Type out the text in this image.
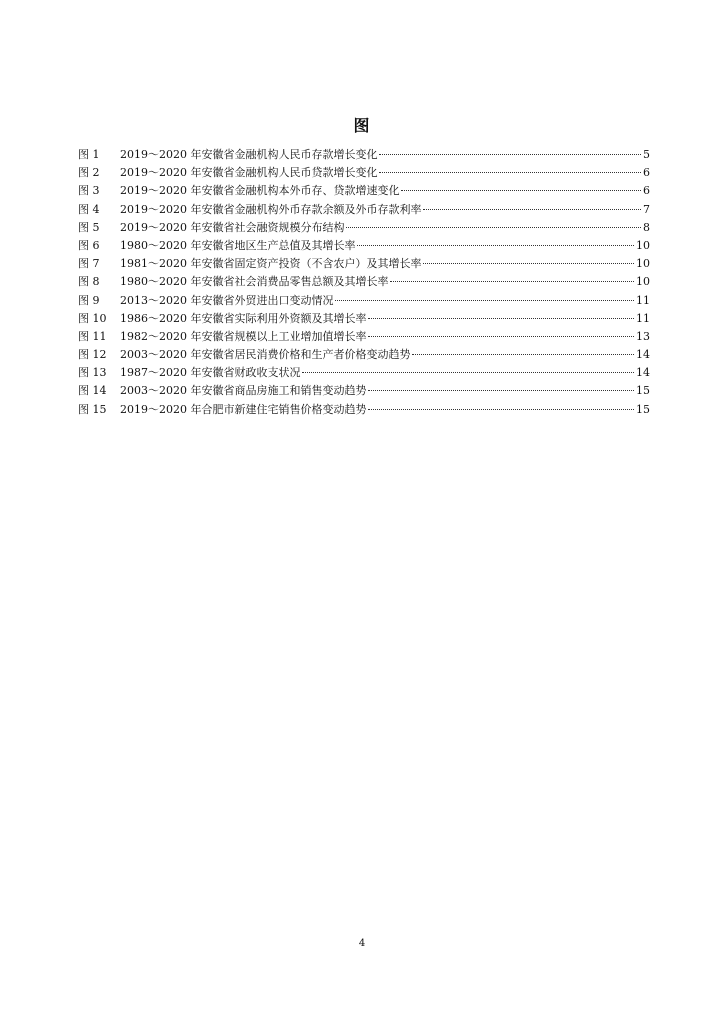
图
图 1	2019～2020 年安徽省金融机构人民币存款增长变化	5
图 2	2019～2020 年安徽省金融机构人民币贷款增长变化	6
图 3	2019～2020 年安徽省金融机构本外币存、贷款增速变化	6
图 4	2019～2020 年安徽省金融机构外币存款余额及外币存款利率	7
图 5	2019～2020 年安徽省社会融资规模分布结构	8
图 6	1980～2020 年安徽省地区生产总值及其增长率	10
图 7	1981～2020 年安徽省固定资产投资（不含农户）及其增长率	10
图 8	1980～2020 年安徽省社会消费品零售总额及其增长率	10
图 9	2013～2020 年安徽省外贸进出口变动情况	11
图 10	1986～2020 年安徽省实际利用外资额及其增长率	11
图 11	1982～2020 年安徽省规模以上工业增加值增长率	13
图 12	2003～2020 年安徽省居民消费价格和生产者价格变动趋势	14
图 13	1987～2020 年安徽省财政收支状况	14
图 14	2003～2020 年安徽省商品房施工和销售变动趋势	15
图 15	2019～2020 年合肥市新建住宅销售价格变动趋势	15
4
